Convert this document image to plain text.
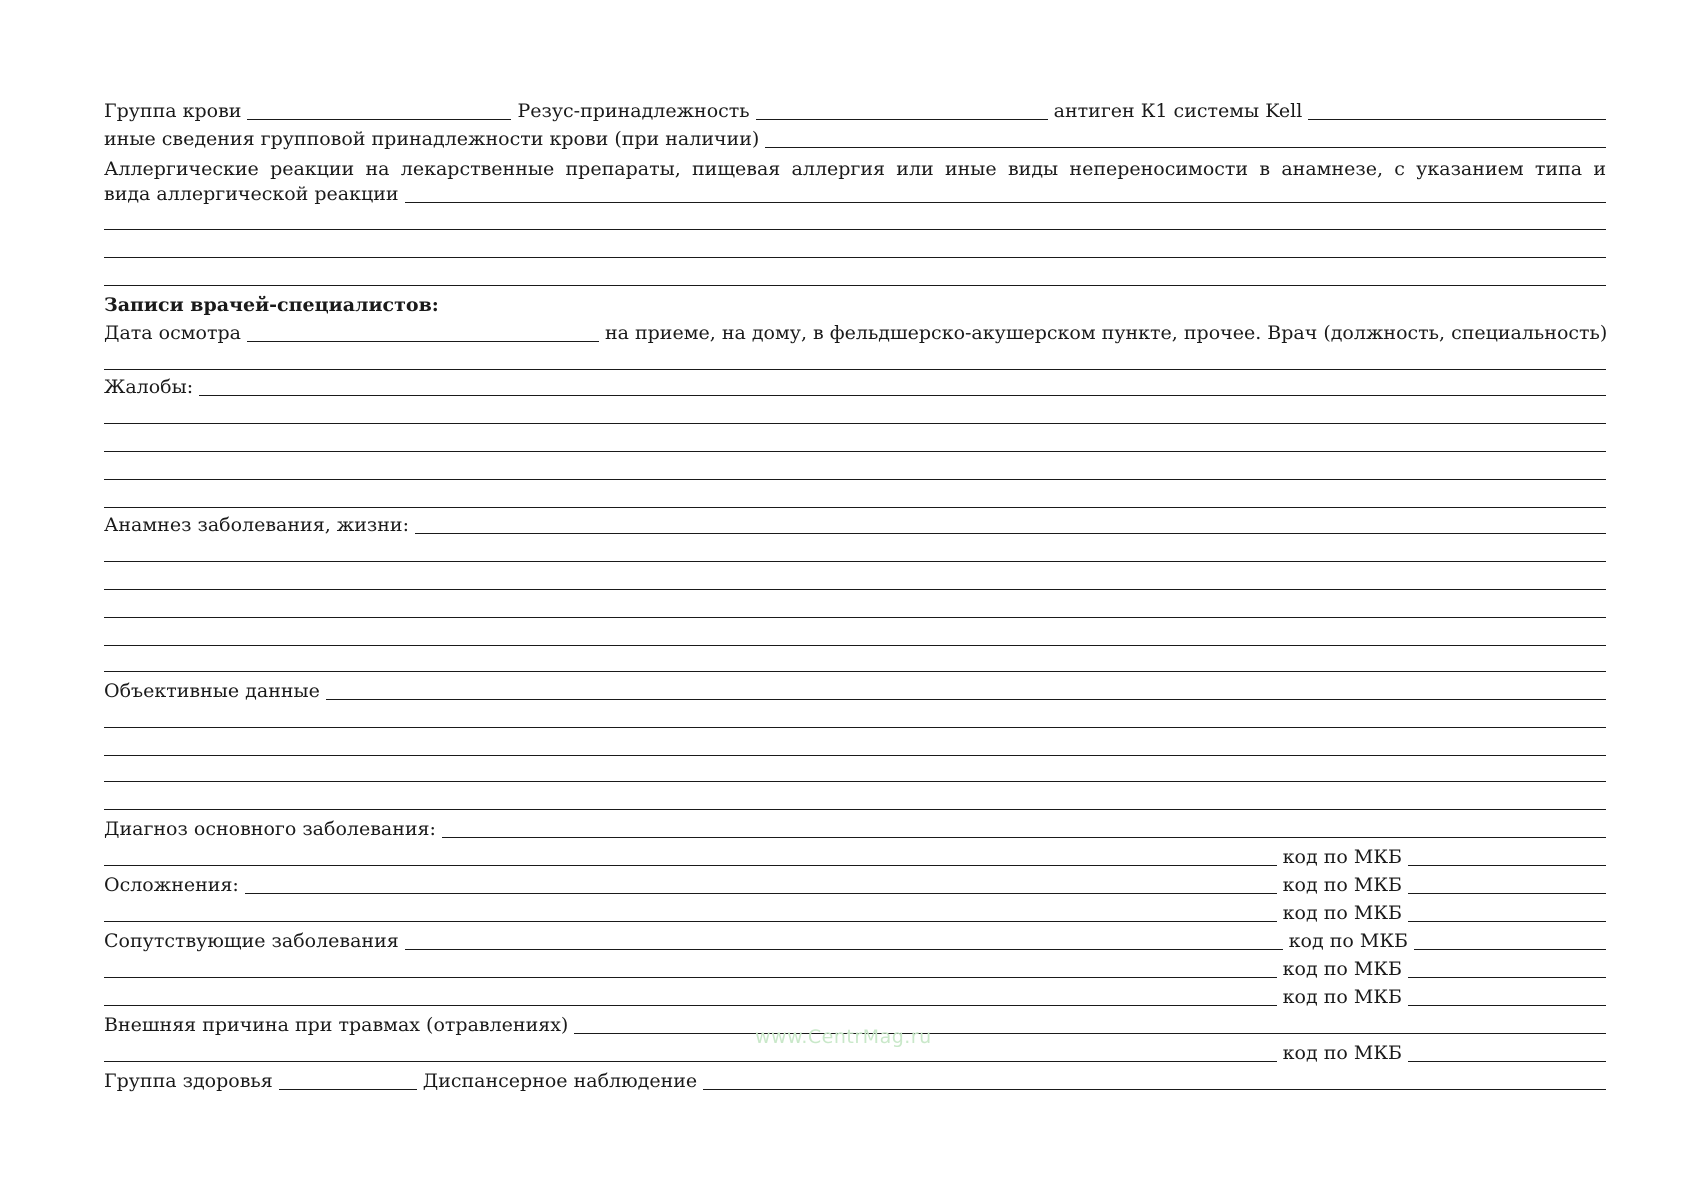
Группа крови	Резус-принадлежность	антиген К1 системы Kell
иные сведения групповой принадлежности крови (при наличии)
Аллергические реакции на лекарственные препараты, пищевая аллергия или иные виды непереносимости в анамнезе, с указанием типа и
вида аллергической реакции
Записи врачей-специалистов:
Дата осмотра	на приеме, на дому, в фельдшерско-акушерском пункте, прочее. Врач (должность, специальность)
Жалобы:
Анамнез заболевания, жизни:
Объективные данные
Диагноз основного заболевания:
код по МКБ
Осложнения:	код по МКБ
код по МКБ
Сопутствующие заболевания	код по МКБ
код по МКБ
код по МКБ
Внешняя причина при травмах (отравлениях)
код по МКБ
Группа здоровья	Диспансерное наблюдение
www.CentrMag.ru
